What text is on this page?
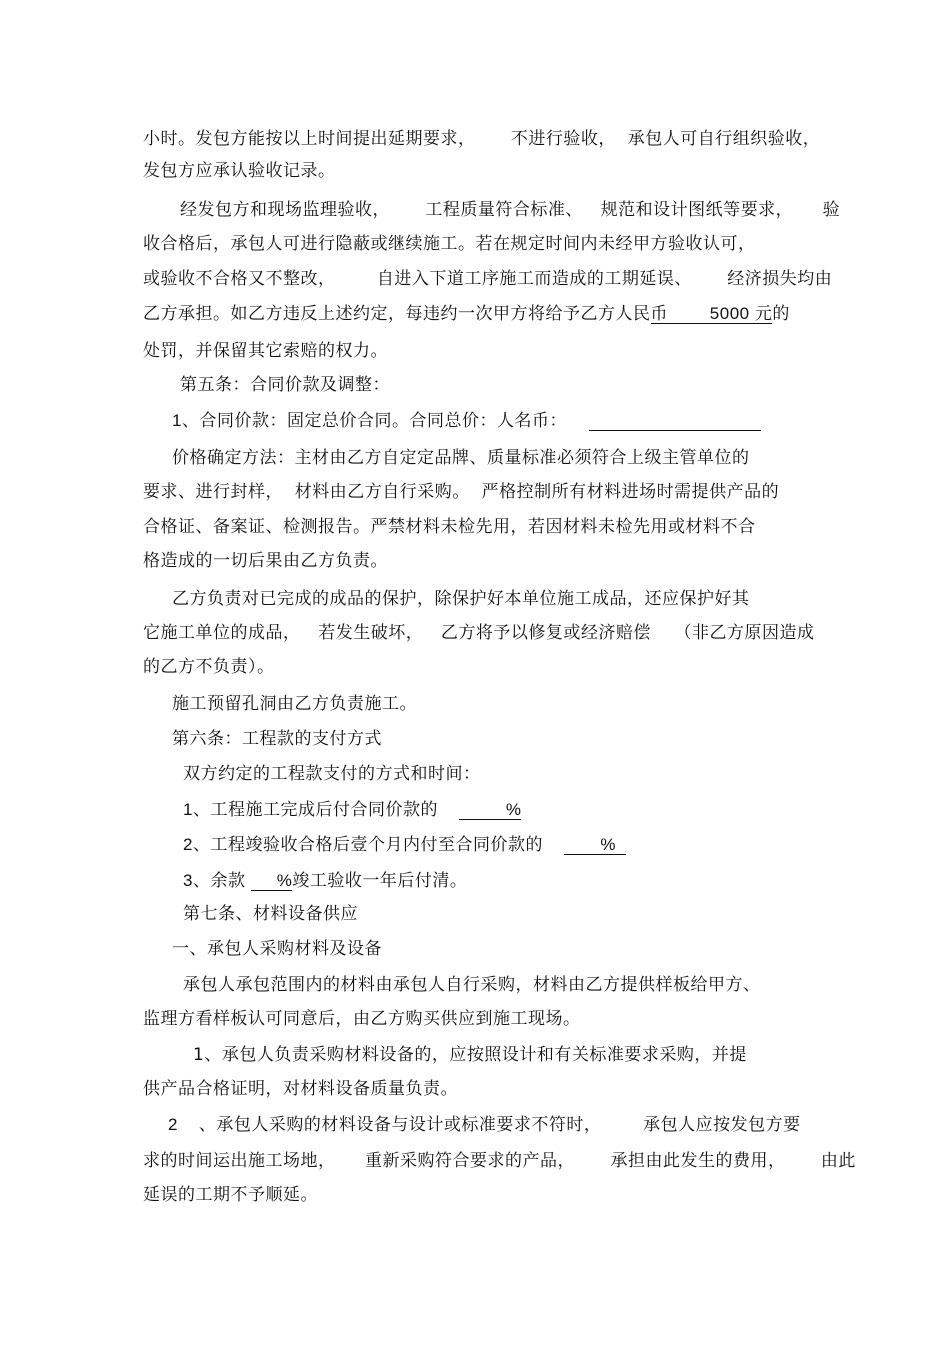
小时。发包方能按以上时间提出延期要求，      不进行验收，  承包人可自行组织验收，
发包方应承认验收记录。
经发包方和现场监理验收，      工程质量符合标准、   规范和设计图纸等要求，     验
收合格后，承包人可进行隐蔽或继续施工。若在规定时间内未经甲方验收认可，
或验收不合格又不整改，       自进入下道工序施工而造成的工期延误、      经济损失均由
乙方承担。如乙方违反上述约定，每违约一次甲方将给予乙方人民币        5000 元的
处罚，并保留其它索赔的权力。
第五条：合同价款及调整：
1、合同价款：固定总价合同。合同总价：人名币：
价格确定方法：主材由乙方自定定品牌、质量标准必须符合上级主管单位的
要求、进行封样，  材料由乙方自行采购。  严格控制所有材料进场时需提供产品的
合格证、备案证、检测报告。严禁材料未检先用，若因材料未检先用或材料不合
格造成的一切后果由乙方负责。
乙方负责对已完成的成品的保护，除保护好本单位施工成品，还应保护好其
它施工单位的成品，   若发生破坏，   乙方将予以修复或经济赔偿    （非乙方原因造成
的乙方不负责）。
施工预留孔洞由乙方负责施工。
第六条：工程款的支付方式
双方约定的工程款支付的方式和时间：
1、工程施工完成后付合同价款的             %
2、工程竣验收合格后壹个月内付至合同价款的           %
3、余款      %竣工验收一年后付清。
第七条、材料设备供应
一、承包人采购材料及设备
承包人承包范围内的材料由承包人自行采购，材料由乙方提供样板给甲方、
监理方看样板认可同意后，由乙方购买供应到施工现场。
1、承包人负责采购材料设备的，应按照设计和有关标准要求采购，并提
供产品合格证明，对材料设备质量负责。
2    、承包人采购的材料设备与设计或标准要求不符时，        承包人应按发包方要
求的时间运出施工场地，     重新采购符合要求的产品，      承担由此发生的费用，      由此
延误的工期不予顺延。
